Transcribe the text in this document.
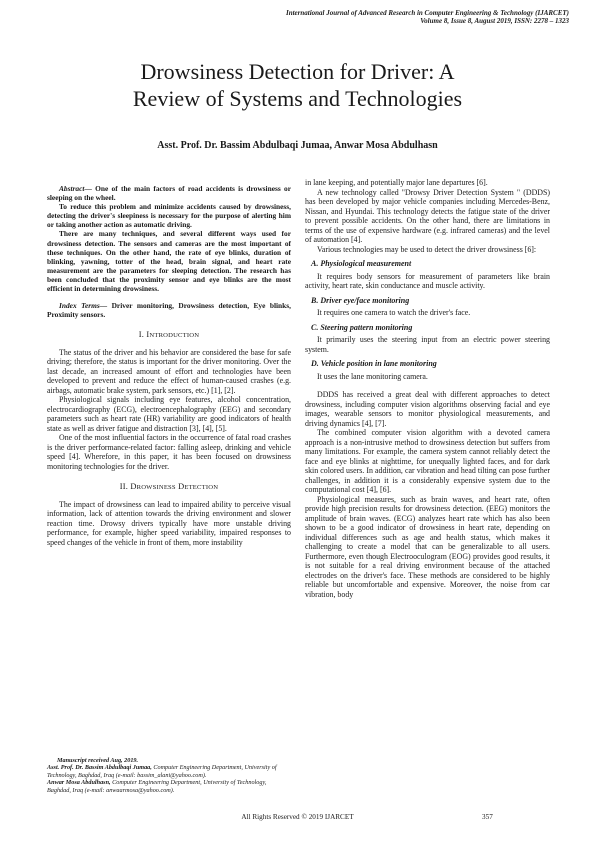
International Journal of Advanced Research in Computer Engineering & Technology (IJARCET)
Volume 8, Issue 8, August 2019, ISSN: 2278 – 1323
Drowsiness Detection for Driver: A
Review of Systems and Technologies
Asst. Prof. Dr. Bassim Abdulbaqi Jumaa, Anwar Mosa Abdulhasn

Abstract— One of the main factors of road accidents is drowsiness or sleeping on the wheel.

To reduce this problem and minimize accidents caused by drowsiness, detecting the driver's sleepiness is necessary for the purpose of alerting him or taking another action as automatic driving.

There are many techniques, and several different ways used for drowsiness detection. The sensors and cameras are the most important of these techniques. On the other hand, the rate of eye blinks, duration of blinking, yawning, totter of the head, brain signal, and heart rate measurement are the parameters for sleeping detection. The research has been concluded that the proximity sensor and eye blinks are the most efficient in determining drowsiness.

Index Terms— Driver monitoring, Drowsiness detection, Eye blinks, Proximity sensors.

I. INTRODUCTION

The status of the driver and his behavior are considered the base for safe driving; therefore, the status is important for the driver monitoring. Over the last decade, an increased amount of effort and technologies have been developed to prevent and reduce the effect of human-caused crashes (e.g. airbags, automatic brake system, park sensors, etc.) [1], [2].

Physiological signals including eye features, alcohol concentration, electrocardiography (ECG), electroencephalography (EEG) and secondary parameters such as heart rate (HR) variability are good indicators of health state as well as driver fatigue and distraction [3], [4], [5].

One of the most influential factors in the occurrence of fatal road crashes is the driver performance-related factor: falling asleep, drinking and vehicle speed [4]. Wherefore, in this paper, it has been focused on drowsiness monitoring technologies for the driver.

II. DROWSINESS DETECTION

The impact of drowsiness can lead to impaired ability to perceive visual information, lack of attention towards the driving environment and slower reaction time. Drowsy drivers typically have more unstable driving performance, for example, higher speed variability, impaired responses to speed changes of the vehicle in front of them, more instability

Manuscript received Aug, 2019.
Asst. Prof. Dr. Bassim Abdulbaqi Jumaa, Computer Engineering Department, University of Technology, Baghdad, Iraq (e-mail: bassim_alani@yahoo.com).
Anwar Mosa Abdulhasn, Computer Engineering Department, University of Technology, Baghdad, Iraq (e-mail: anwaarmosa@yahoo.com).

in lane keeping, and potentially major lane departures [6].

A new technology called "Drowsy Driver Detection System " (DDDS) has been developed by major vehicle companies including Mercedes-Benz, Nissan, and Hyundai. This technology detects the fatigue state of the driver to prevent possible accidents. On the other hand, there are limitations in terms of the use of expensive hardware (e.g. infrared cameras) and the level of automation [4].

Various technologies may be used to detect the driver drowsiness [6]:

A. Physiological measurement

It requires body sensors for measurement of parameters like brain activity, heart rate, skin conductance and muscle activity.

B. Driver eye/face monitoring

It requires one camera to watch the driver's face.

C. Steering pattern monitoring

It primarily uses the steering input from an electric power steering system.

D. Vehicle position in lane monitoring

It uses the lane monitoring camera.

DDDS has received a great deal with different approaches to detect drowsiness, including computer vision algorithms observing facial and eye images, wearable sensors to monitor physiological measurements, and driving dynamics [4], [7].

The combined computer vision algorithm with a devoted camera approach is a non-intrusive method to drowsiness detection but suffers from many limitations. For example, the camera system cannot reliably detect the face and eye blinks at nighttime, for unequally lighted faces, and for dark skin colored users. In addition, car vibration and head tilting can pose further challenges, in addition it is a considerably expensive system due to the computational cost [4], [6].

Physiological measures, such as brain waves, and heart rate, often provide high precision results for drowsiness detection. (EEG) monitors the amplitude of brain waves. (ECG) analyzes heart rate which has also been shown to be a good indicator of drowsiness in heart rate, depending on individual differences such as age and health status, which makes it challenging to create a model that can be generalizable to all users. Furthermore, even though Electrooculogram (EOG) provides good results, it is not suitable for a real driving environment because of the attached electrodes on the driver's face. These methods are considered to be highly reliable but uncomfortable and expensive. Moreover, the noise from car vibration, body

All Rights Reserved © 2019 IJARCET	357
